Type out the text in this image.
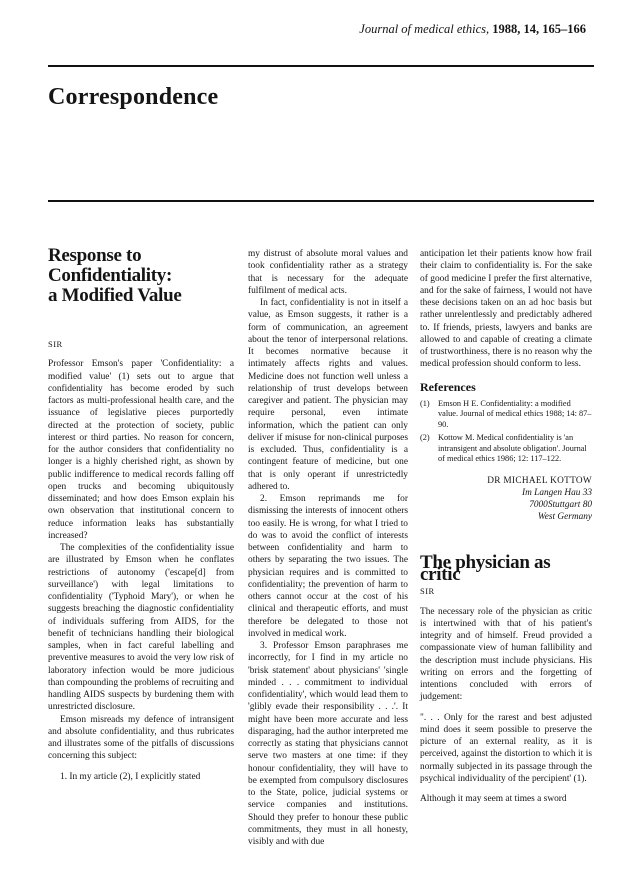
Journal of medical ethics, 1988, 14, 165–166
Correspondence
Response to
Confidentiality:
a Modified Value

SIR

Professor Emson's paper 'Confidentiality: a modified value' (1) sets out to argue that confidentiality has become eroded by such factors as multi-professional health care, and the issuance of legislative pieces purportedly directed at the protection of society, public interest or third parties. No reason for concern, for the author considers that confidentiality no longer is a highly cherished right, as shown by public indifference to medical records falling off open trucks and becoming ubiquitously disseminated; and how does Emson explain his own observation that institutional concern to reduce information leaks has substantially increased?

The complexities of the confidentiality issue are illustrated by Emson when he conflates restrictions of autonomy ('escape[d] from surveillance') with legal limitations to confidentiality ('Typhoid Mary'), or when he suggests breaching the diagnostic confidentiality of individuals suffering from AIDS, for the benefit of technicians handling their biological samples, when in fact careful labelling and preventive measures to avoid the very low risk of laboratory infection would be more judicious than compounding the problems of recruiting and handling AIDS suspects by burdening them with unrestricted disclosure.

Emson misreads my defence of intransigent and absolute confidentiality, and thus rubricates and illustrates some of the pitfalls of discussions concerning this subject:

1. In my article (2), I explicitly stated

my distrust of absolute moral values and took confidentiality rather as a strategy that is necessary for the adequate fulfilment of medical acts.

In fact, confidentiality is not in itself a value, as Emson suggests, it rather is a form of communication, an agreement about the tenor of interpersonal relations. It becomes normative because it intimately affects rights and values. Medicine does not function well unless a relationship of trust develops between caregiver and patient. The physician may require personal, even intimate information, which the patient can only deliver if misuse for non-clinical purposes is excluded. Thus, confidentiality is a contingent feature of medicine, but one that is only operant if unrestrictedly adhered to.

2. Emson reprimands me for dismissing the interests of innocent others too easily. He is wrong, for what I tried to do was to avoid the conflict of interests between confidentiality and harm to others by separating the two issues. The physician requires and is committed to confidentiality; the prevention of harm to others cannot occur at the cost of his clinical and therapeutic efforts, and must therefore be delegated to those not involved in medical work.

3. Professor Emson paraphrases me incorrectly, for I find in my article no 'brisk statement' about physicians' 'single minded . . . commitment to individual confidentiality', which would lead them to 'glibly evade their responsibility . . .'. It might have been more accurate and less disparaging, had the author interpreted me correctly as stating that physicians cannot serve two masters at one time: if they honour confidentiality, they will have to be exempted from compulsory disclosures to the State, police, judicial systems or service companies and institutions. Should they prefer to honour these public commitments, they must in all honesty, visibly and with due

anticipation let their patients know how frail their claim to confidentiality is. For the sake of good medicine I prefer the first alternative, and for the sake of fairness, I would not have these decisions taken on an ad hoc basis but rather unrelentlessly and predictably adhered to. If friends, priests, lawyers and banks are allowed to and capable of creating a climate of trustworthiness, there is no reason why the medical profession should conform to less.

References

(1)	Emson H E. Confidentiality: a modified value. Journal of medical ethics 1988; 14: 87–90.
(2)	Kottow M. Medical confidentiality is 'an intransigent and absolute obligation'. Journal of medical ethics 1986; 12: 117–122.
DR MICHAEL KOTTOW
Im Langen Hau 33
7000Stuttgart 80
West Germany
The physician as critic

SIR

The necessary role of the physician as critic is intertwined with that of his patient's integrity and of himself. Freud provided a compassionate view of human fallibility and the description must include physicians. His writing on errors and the forgetting of intentions concluded with errors of judgement:

". . . Only for the rarest and best adjusted mind does it seem possible to preserve the picture of an external reality, as it is perceived, against the distortion to which it is normally subjected in its passage through the psychical individuality of the percipient' (1).

Although it may seem at times a sword
